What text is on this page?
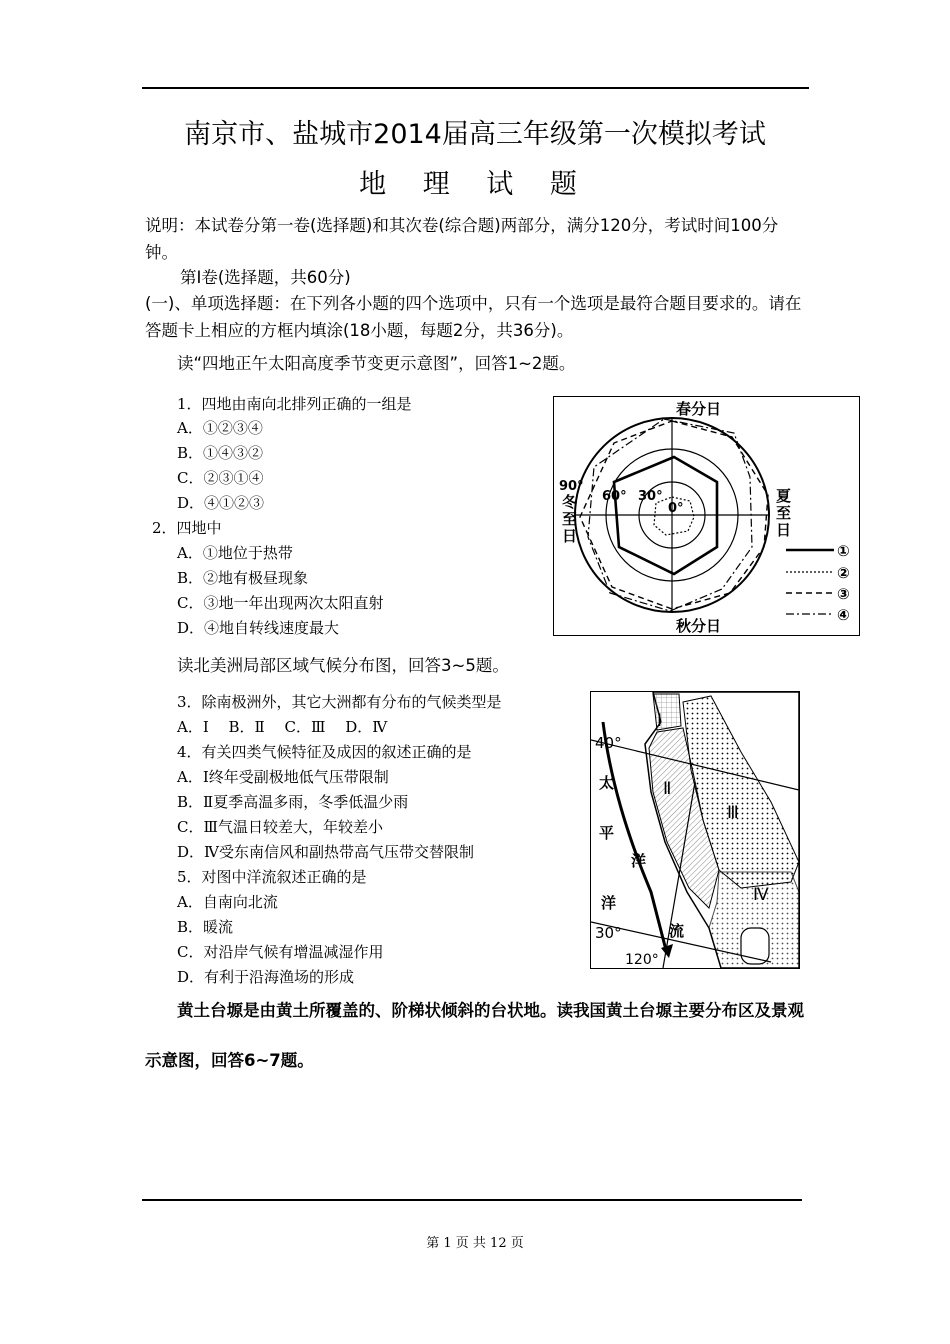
南京市、盐城市2014届高三年级第一次模拟考试
地 理 试 题
说明：本试卷分第一卷(选择题)和其次卷(综合题)两部分，满分120分，考试时间100分钟。
第Ⅰ卷(选择题，共60分)
(一)、单项选择题：在下列各小题的四个选项中，只有一个选项是最符合题目要求的。请在答题卡上相应的方框内填涂(18小题，每题2分，共36分)。
读“四地正午太阳高度季节变更示意图”，回答1~2题。
1．四地由南向北排列正确的一组是
A．①②③④
B．①④③②
C．②③①④
D．④①②③
2．四地中
A．①地位于热带
B．②地有极昼现象
C．③地一年出现两次太阳直射
D．④地自转线速度最大
春分日
秋分日
90°
60° 30°
0°
冬
至
日
夏
至
日
①
②
③
④
读北美洲局部区域气候分布图，回答3~5题。
3．除南极洲外，其它大洲都有分布的气候类型是
A．Ⅰ　 B．Ⅱ　 C．Ⅲ　 D．Ⅳ
4．有关四类气候特征及成因的叙述正确的是
A．Ⅰ终年受副极地低气压带限制
B．Ⅱ夏季高温多雨，冬季低温少雨
C．Ⅲ气温日较差大，年较差小
D．Ⅳ受东南信风和副热带高气压带交替限制
5．对图中洋流叙述正确的是
A．自南向北流
B．暖流
C．对沿岸气候有增温减湿作用
D．有利于沿海渔场的形成
40°
30°
120°
太
平
洋
洋
流
Ⅰ
Ⅱ
Ⅲ
Ⅳ
黄土台塬是由黄土所覆盖的、阶梯状倾斜的台状地。读我国黄土台塬主要分布区及景观
示意图，回答6~7题。
第 1 页 共 12 页
